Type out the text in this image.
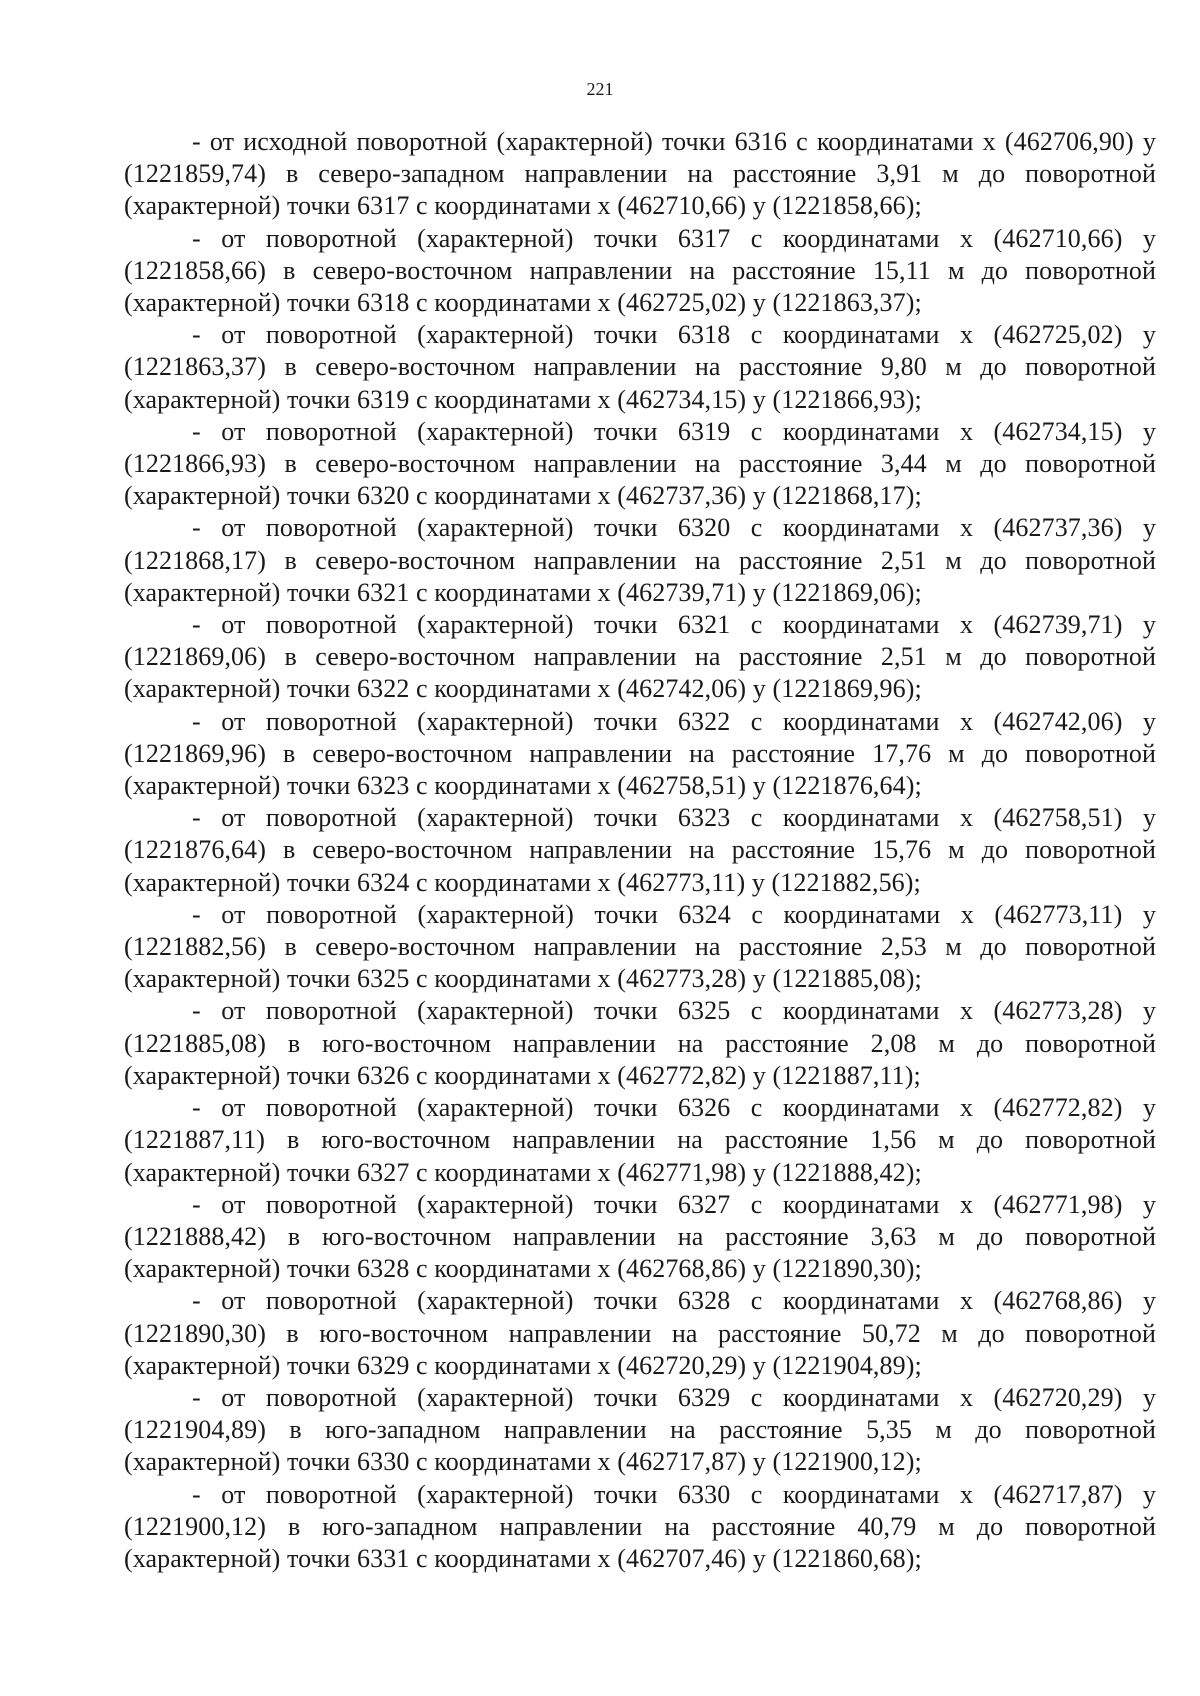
221

- от исходной поворотной (характерной) точки 6316 с координатами x (462706,90) y (1221859,74) в северо-западном направлении на расстояние 3,91 м до поворотной (характерной) точки 6317 с координатами x (462710,66) y (1221858,66);

- от поворотной (характерной) точки 6317 с координатами x (462710,66) y (1221858,66) в северо-восточном направлении на расстояние 15,11 м до поворотной (характерной) точки 6318 с координатами x (462725,02) y (1221863,37);

- от поворотной (характерной) точки 6318 с координатами x (462725,02) y (1221863,37) в северо-восточном направлении на расстояние 9,80 м до поворотной (характерной) точки 6319 с координатами x (462734,15) y (1221866,93);

- от поворотной (характерной) точки 6319 с координатами x (462734,15) y (1221866,93) в северо-восточном направлении на расстояние 3,44 м до поворотной (характерной) точки 6320 с координатами x (462737,36) y (1221868,17);

- от поворотной (характерной) точки 6320 с координатами x (462737,36) y (1221868,17) в северо-восточном направлении на расстояние 2,51 м до поворотной (характерной) точки 6321 с координатами x (462739,71) y (1221869,06);

- от поворотной (характерной) точки 6321 с координатами x (462739,71) y (1221869,06) в северо-восточном направлении на расстояние 2,51 м до поворотной (характерной) точки 6322 с координатами x (462742,06) y (1221869,96);

- от поворотной (характерной) точки 6322 с координатами x (462742,06) y (1221869,96) в северо-восточном направлении на расстояние 17,76 м до поворотной (характерной) точки 6323 с координатами x (462758,51) y (1221876,64);

- от поворотной (характерной) точки 6323 с координатами x (462758,51) y (1221876,64) в северо-восточном направлении на расстояние 15,76 м до поворотной (характерной) точки 6324 с координатами x (462773,11) y (1221882,56);

- от поворотной (характерной) точки 6324 с координатами x (462773,11) y (1221882,56) в северо-восточном направлении на расстояние 2,53 м до поворотной (характерной) точки 6325 с координатами x (462773,28) y (1221885,08);

- от поворотной (характерной) точки 6325 с координатами x (462773,28) y (1221885,08) в юго-восточном направлении на расстояние 2,08 м до поворотной (характерной) точки 6326 с координатами x (462772,82) y (1221887,11);

- от поворотной (характерной) точки 6326 с координатами x (462772,82) y (1221887,11) в юго-восточном направлении на расстояние 1,56 м до поворотной (характерной) точки 6327 с координатами x (462771,98) y (1221888,42);

- от поворотной (характерной) точки 6327 с координатами x (462771,98) y (1221888,42) в юго-восточном направлении на расстояние 3,63 м до поворотной (характерной) точки 6328 с координатами x (462768,86) y (1221890,30);

- от поворотной (характерной) точки 6328 с координатами x (462768,86) y (1221890,30) в юго-восточном направлении на расстояние 50,72 м до поворотной (характерной) точки 6329 с координатами x (462720,29) y (1221904,89);

- от поворотной (характерной) точки 6329 с координатами x (462720,29) y (1221904,89) в юго-западном направлении на расстояние 5,35 м до поворотной (характерной) точки 6330 с координатами x (462717,87) y (1221900,12);

- от поворотной (характерной) точки 6330 с координатами x (462717,87) y (1221900,12) в юго-западном направлении на расстояние 40,79 м до поворотной (характерной) точки 6331 с координатами x (462707,46) y (1221860,68);
